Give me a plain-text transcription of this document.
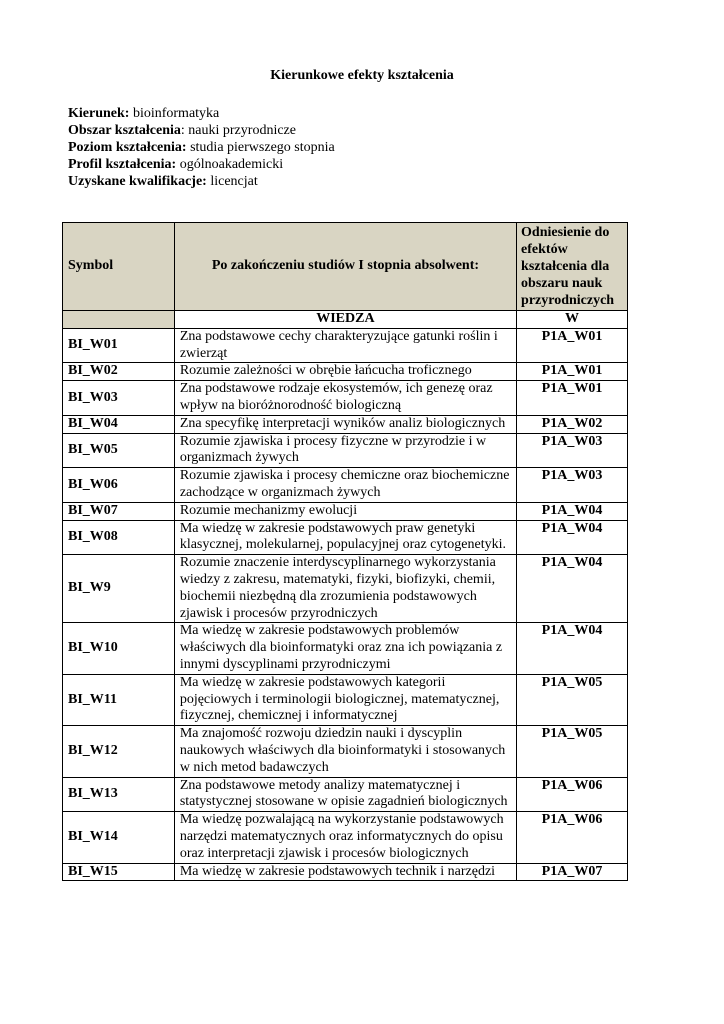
Kierunkowe efekty kształcenia
Kierunek: bioinformatyka
Obszar kształcenia: nauki przyrodnicze
Poziom kształcenia: studia pierwszego stopnia
Profil kształcenia: ogólnoakademicki
Uzyskane kwalifikacje: licencjat
Symbol	Po zakończeniu studiów I stopnia absolwent:	Odniesienie do efektów kształcenia dla obszaru nauk przyrodniczych
	WIEDZA	W
BI_W01	Zna podstawowe cechy charakteryzujące gatunki roślin i zwierząt	P1A_W01
BI_W02	Rozumie zależności w obrębie łańcucha troficznego	P1A_W01
BI_W03	Zna podstawowe rodzaje ekosystemów, ich genezę oraz wpływ na bioróżnorodność biologiczną	P1A_W01
BI_W04	Zna specyfikę interpretacji wyników analiz biologicznych	P1A_W02
BI_W05	Rozumie zjawiska i procesy fizyczne w przyrodzie i w organizmach żywych	P1A_W03
BI_W06	Rozumie zjawiska i procesy chemiczne oraz biochemiczne zachodzące w organizmach żywych	P1A_W03
BI_W07	Rozumie mechanizmy ewolucji	P1A_W04
BI_W08	Ma wiedzę w zakresie podstawowych praw genetyki klasycznej, molekularnej, populacyjnej oraz cytogenetyki.	P1A_W04
BI_W9	Rozumie znaczenie interdyscyplinarnego wykorzystania wiedzy z zakresu, matematyki, fizyki, biofizyki, chemii, biochemii niezbędną dla zrozumienia podstawowych zjawisk i procesów przyrodniczych	P1A_W04
BI_W10	Ma wiedzę w zakresie podstawowych problemów właściwych dla bioinformatyki oraz zna ich powiązania z innymi dyscyplinami przyrodniczymi	P1A_W04
BI_W11	Ma wiedzę w zakresie podstawowych kategorii pojęciowych i terminologii biologicznej, matematycznej, fizycznej, chemicznej i informatycznej	P1A_W05
BI_W12	Ma znajomość rozwoju dziedzin nauki i dyscyplin naukowych właściwych dla bioinformatyki i stosowanych w nich metod badawczych	P1A_W05
BI_W13	Zna podstawowe metody analizy matematycznej i statystycznej stosowane w opisie zagadnień biologicznych	P1A_W06
BI_W14	Ma wiedzę pozwalającą na wykorzystanie podstawowych narzędzi matematycznych oraz informatycznych do opisu oraz interpretacji zjawisk i procesów biologicznych	P1A_W06
BI_W15	Ma wiedzę w zakresie podstawowych technik i narzędzi	P1A_W07
